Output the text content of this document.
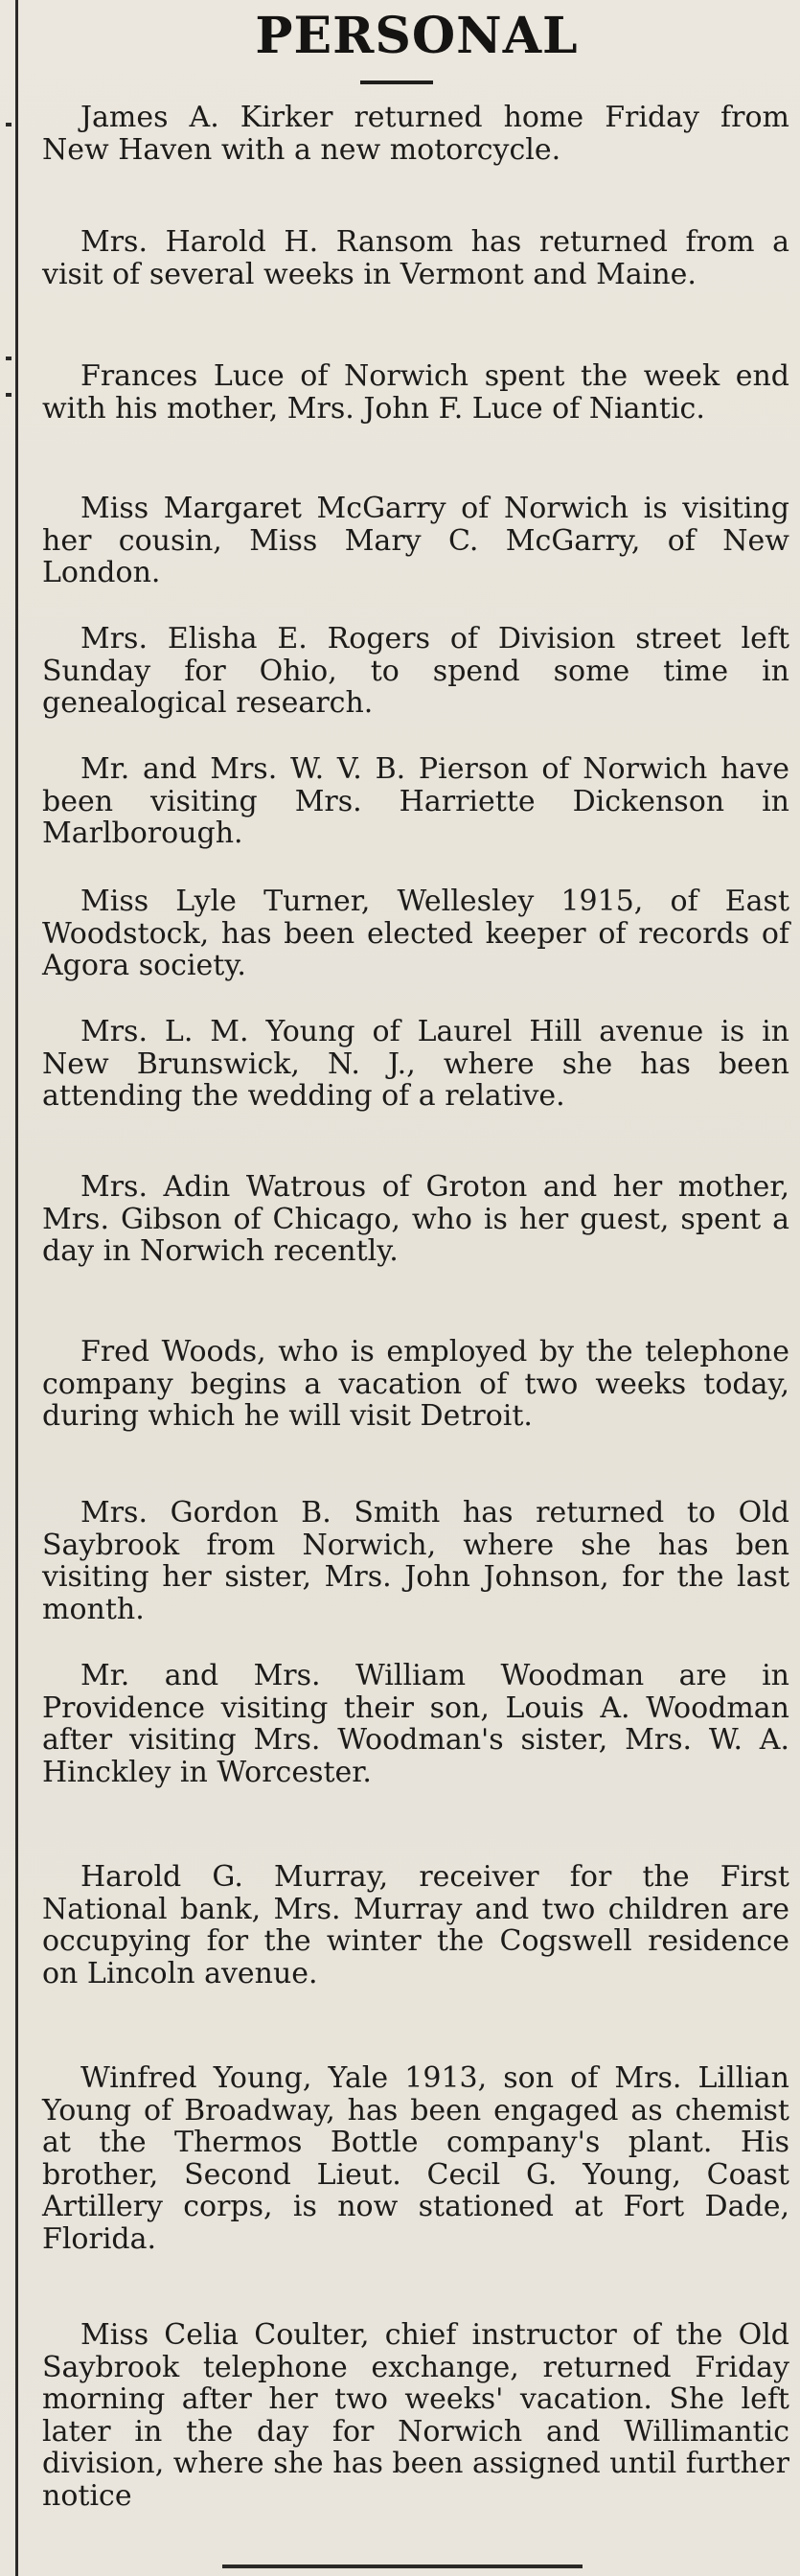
PERSONAL

James A. Kirker returned home Friday from New Haven with a new motorcycle.

Mrs. Harold H. Ransom has returned from a visit of several weeks in Vermont and Maine.

Frances Luce of Norwich spent the week end with his mother, Mrs. John F. Luce of Niantic.

Miss Margaret McGarry of Norwich is visiting her cousin, Miss Mary C. McGarry, of New London.

Mrs. Elisha E. Rogers of Division street left Sunday for Ohio, to spend some time in genealogical research.

Mr. and Mrs. W. V. B. Pierson of Norwich have been visiting Mrs. Harriette Dickenson in Marlborough.

Miss Lyle Turner, Wellesley 1915, of East Woodstock, has been elected keeper of records of Agora society.

Mrs. L. M. Young of Laurel Hill avenue is in New Brunswick, N. J., where she has been attending the wedding of a relative.

Mrs. Adin Watrous of Groton and her mother, Mrs. Gibson of Chicago, who is her guest, spent a day in Norwich recently.

Fred Woods, who is employed by the telephone company begins a vacation of two weeks today, during which he will visit Detroit.

Mrs. Gordon B. Smith has returned to Old Saybrook from Norwich, where she has ben visiting her sister, Mrs. John Johnson, for the last month.

Mr. and Mrs. William Woodman are in Providence visiting their son, Louis A. Woodman after visiting Mrs. Woodman's sister, Mrs. W. A. Hinckley in Worcester.

Harold G. Murray, receiver for the First National bank, Mrs. Murray and two children are occupying for the winter the Cogswell residence on Lincoln avenue.

Winfred Young, Yale 1913, son of Mrs. Lillian Young of Broadway, has been engaged as chemist at the Thermos Bottle company's plant. His brother, Second Lieut. Cecil G. Young, Coast Artillery corps, is now stationed at Fort Dade, Florida.

Miss Celia Coulter, chief instructor of the Old Saybrook telephone exchange, returned Friday morning after her two weeks' vacation. She left later in the day for Norwich and Willimantic division, where she has been assigned until further notice
